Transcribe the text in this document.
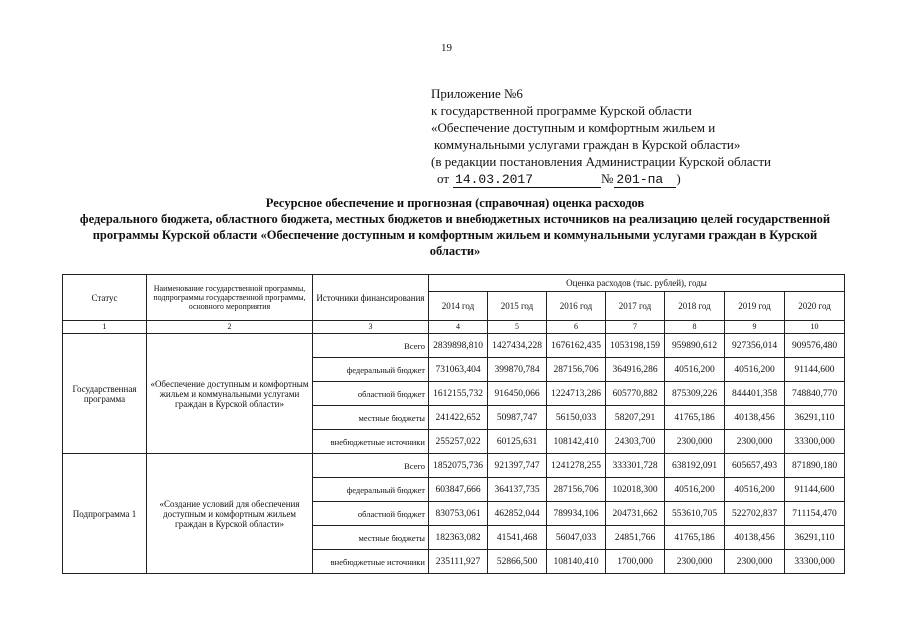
19
Приложение №6
к государственной программе Курской области
«Обеспечение доступным и комфортным жильем и
коммунальными услугами граждан в Курской области»
(в редакции постановления Администрации Курской области
от 14.03.2017	№ 201-па	)
Ресурсное обеспечение и прогнозная (справочная) оценка расходов
федерального бюджета, областного бюджета, местных бюджетов и внебюджетных источников на реализацию целей государственной
программы Курской области «Обеспечение доступным и комфортным жильем и коммунальными услугами граждан в Курской
области»
Статус	Наименование государственной программы, подпрограммы государственной программы, основного мероприятия	Источники финансирования	Оценка расходов (тыс. рублей), годы						
			2014 год	2015 год	2016 год	2017 год	2018 год	2019 год	2020 год
1	2	3	4	5	6	7	8	9	10
Государственная программа	«Обеспечение доступным и комфортным жильем и коммунальными услугами граждан в Курской области»	Всего	2839898,810	1427434,228	1676162,435	1053198,159	959890,612	927356,014	909576,480
		федеральный бюджет	731063,404	399870,784	287156,706	364916,286	40516,200	40516,200	91144,600
		областной бюджет	1612155,732	916450,066	1224713,286	605770,882	875309,226	844401,358	748840,770
		местные бюджеты	241422,652	50987,747	56150,033	58207,291	41765,186	40138,456	36291,110
		внебюджетные источники	255257,022	60125,631	108142,410	24303,700	2300,000	2300,000	33300,000
Подпрограмма 1	«Создание условий для обеспечения доступным и комфортным жильем граждан в Курской области»	Всего	1852075,736	921397,747	1241278,255	333301,728	638192,091	605657,493	871890,180
		федеральный бюджет	603847,666	364137,735	287156,706	102018,300	40516,200	40516,200	91144,600
		областной бюджет	830753,061	462852,044	789934,106	204731,662	553610,705	522702,837	711154,470
		местные бюджеты	182363,082	41541,468	56047,033	24851,766	41765,186	40138,456	36291,110
		внебюджетные источники	235111,927	52866,500	108140,410	1700,000	2300,000	2300,000	33300,000
